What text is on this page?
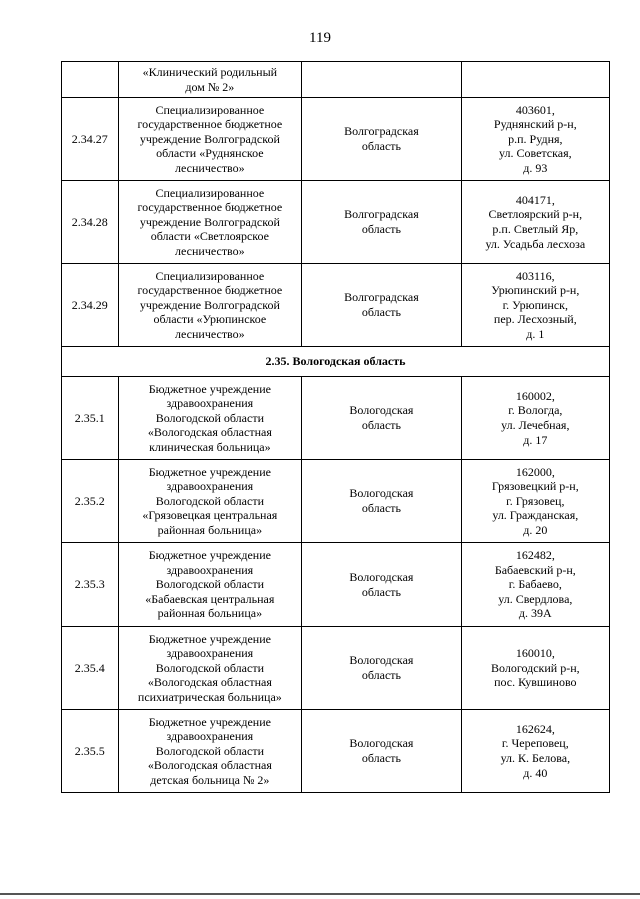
119
	«Клинический родильный
дом № 2»		
2.34.27	Специализированное
государственное бюджетное
учреждение Волгоградской
области «Руднянское
лесничество»	Волгоградская
область	403601,
Руднянский р-н,
р.п. Рудня,
ул. Советская,
д. 93
2.34.28	Специализированное
государственное бюджетное
учреждение Волгоградской
области «Светлоярское
лесничество»	Волгоградская
область	404171,
Светлоярский р-н,
р.п. Светлый Яр,
ул. Усадьба лесхоза
2.34.29	Специализированное
государственное бюджетное
учреждение Волгоградской
области «Урюпинское
лесничество»	Волгоградская
область	403116,
Урюпинский р-н,
г. Урюпинск,
пер. Лесхозный,
д. 1
2.35. Вологодская область			
2.35.1	Бюджетное учреждение
здравоохранения
Вологодской области
«Вологодская областная
клиническая больница»	Вологодская
область	160002,
г. Вологда,
ул. Лечебная,
д. 17
2.35.2	Бюджетное учреждение
здравоохранения
Вологодской области
«Грязовецкая центральная
районная больница»	Вологодская
область	162000,
Грязовецкий р-н,
г. Грязовец,
ул. Гражданская,
д. 20
2.35.3	Бюджетное учреждение
здравоохранения
Вологодской области
«Бабаевская центральная
районная больница»	Вологодская
область	162482,
Бабаевский р-н,
г. Бабаево,
ул. Свердлова,
д. 39А
2.35.4	Бюджетное учреждение
здравоохранения
Вологодской области
«Вологодская областная
психиатрическая больница»	Вологодская
область	160010,
Вологодский р-н,
пос. Кувшиново
2.35.5	Бюджетное учреждение
здравоохранения
Вологодской области
«Вологодская областная
детская больница № 2»	Вологодская
область	162624,
г. Череповец,
ул. К. Белова,
д. 40
